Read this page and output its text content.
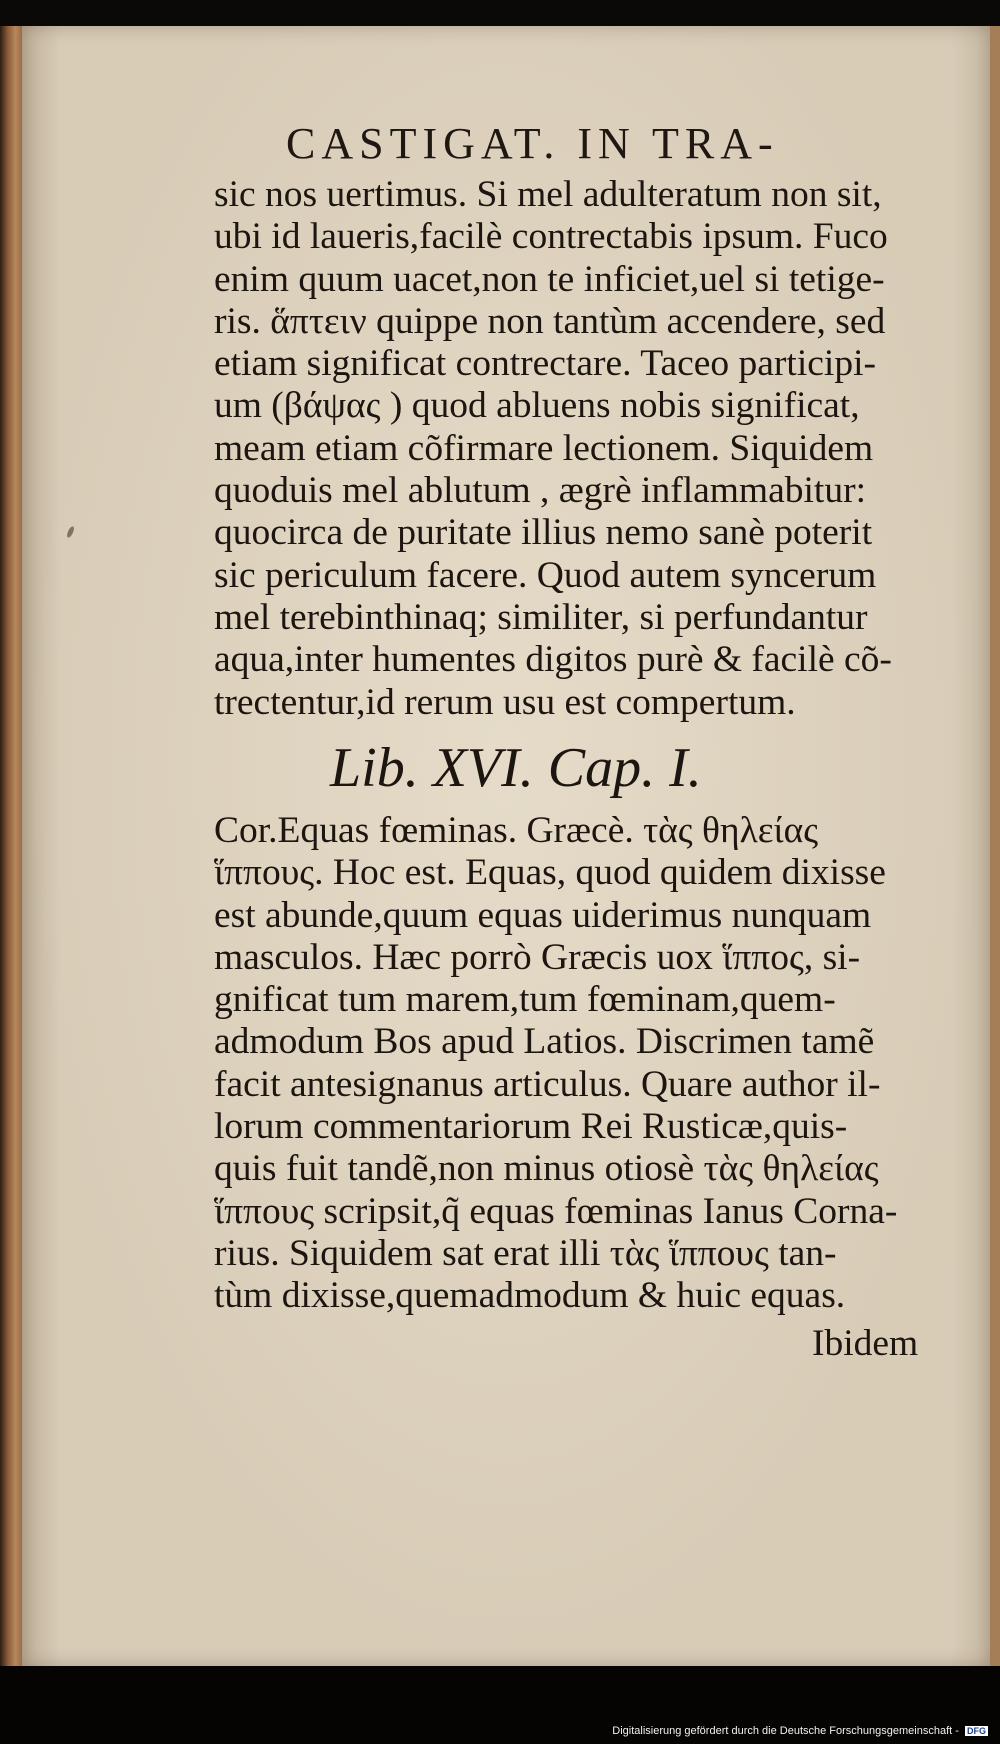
CASTIGAT. IN TRA-
sic nos uertimus. Si mel adulteratum non sit,
ubi id laueris,facilè contrectabis ipsum. Fuco
enim quum uacet,non te inficiet,uel si tetige-
ris. ἅπτειν quippe non tantùm accendere, sed
etiam significat contrectare. Taceo participi-
um (βάψας ) quod abluens nobis significat,
meam etiam cõfirmare lectionem. Siquidem
quoduis mel ablutum , ægrè inflammabitur:
quocirca de puritate illius nemo sanè poterit
sic periculum facere. Quod autem syncerum
mel terebinthinaq; similiter, si perfundantur
aqua,inter humentes digitos purè & facilè cõ-
trectentur,id rerum usu est compertum.
Lib. XVI. Cap. I.
Cor.Equas fœminas. Græcè. τὰς θηλείας
ἵππους. Hoc est. Equas, quod quidem dixisse
est abunde,quum equas uiderimus nunquam
masculos. Hæc porrò Græcis uox ἵππος, si-
gnificat tum marem,tum fœminam,quem-
admodum Bos apud Latios. Discrimen tamẽ
facit antesignanus articulus. Quare author il-
lorum commentariorum Rei Rusticæ,quis-
quis fuit tandẽ,non minus otiosè τὰς θηλείας
ἵππους scripsit,q̃ equas fœminas Ianus Corna-
rius. Siquidem sat erat illi τὰς ἵππους tan-
tùm dixisse,quemadmodum & huic equas.
Ibidem
Digitalisierung gefördert durch die Deutsche Forschungsgemeinschaft - DFG
